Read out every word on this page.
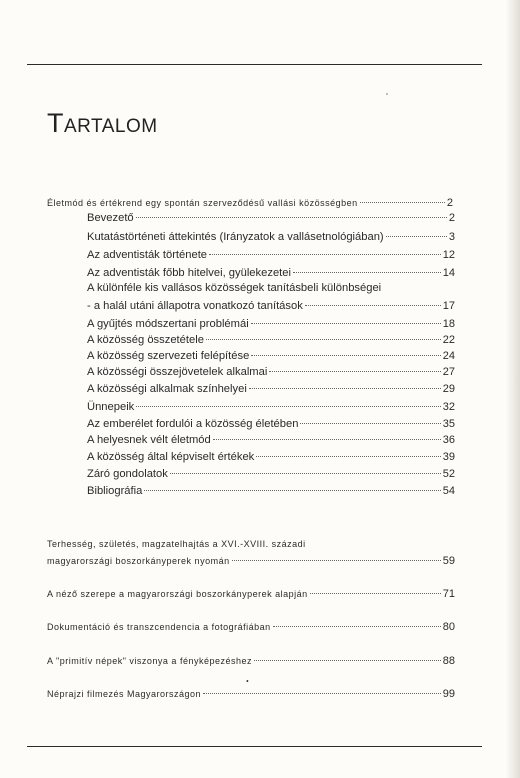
Tartalom
Életmód és értékrend egy spontán szerveződésű vallási közösségben	2
Bevezető	2
Kutatástörténeti áttekintés (Irányzatok a vallásetnológiában)	3
Az adventisták története	12
Az adventisták főbb hitelvei, gyülekezetei	14
A különféle kis vallásos közösségek tanításbeli különbségei
- a halál utáni állapotra vonatkozó tanítások	17
A gyűjtés módszertani problémái	18
A közösség összetétele	22
A közösség szervezeti felépítése	24
A közösségi összejövetelek alkalmai	27
A közösségi alkalmak színhelyei	29
Ünnepeik	32
Az emberélet fordulói a közösség életében	35
A helyesnek vélt életmód	36
A közösség által képviselt értékek	39
Záró gondolatok	52
Bibliográfia	54
Terhesség, születés, magzatelhajtás a XVI.-XVIII. századi
magyarországi boszorkányperek nyomán	59
A néző szerepe a magyarországi boszorkányperek alapján	71
Dokumentáció és transzcendencia a fotográfiában	80
A "primitív népek" viszonya a fényképezéshez	88
•
Néprajzi filmezés Magyarországon	99
